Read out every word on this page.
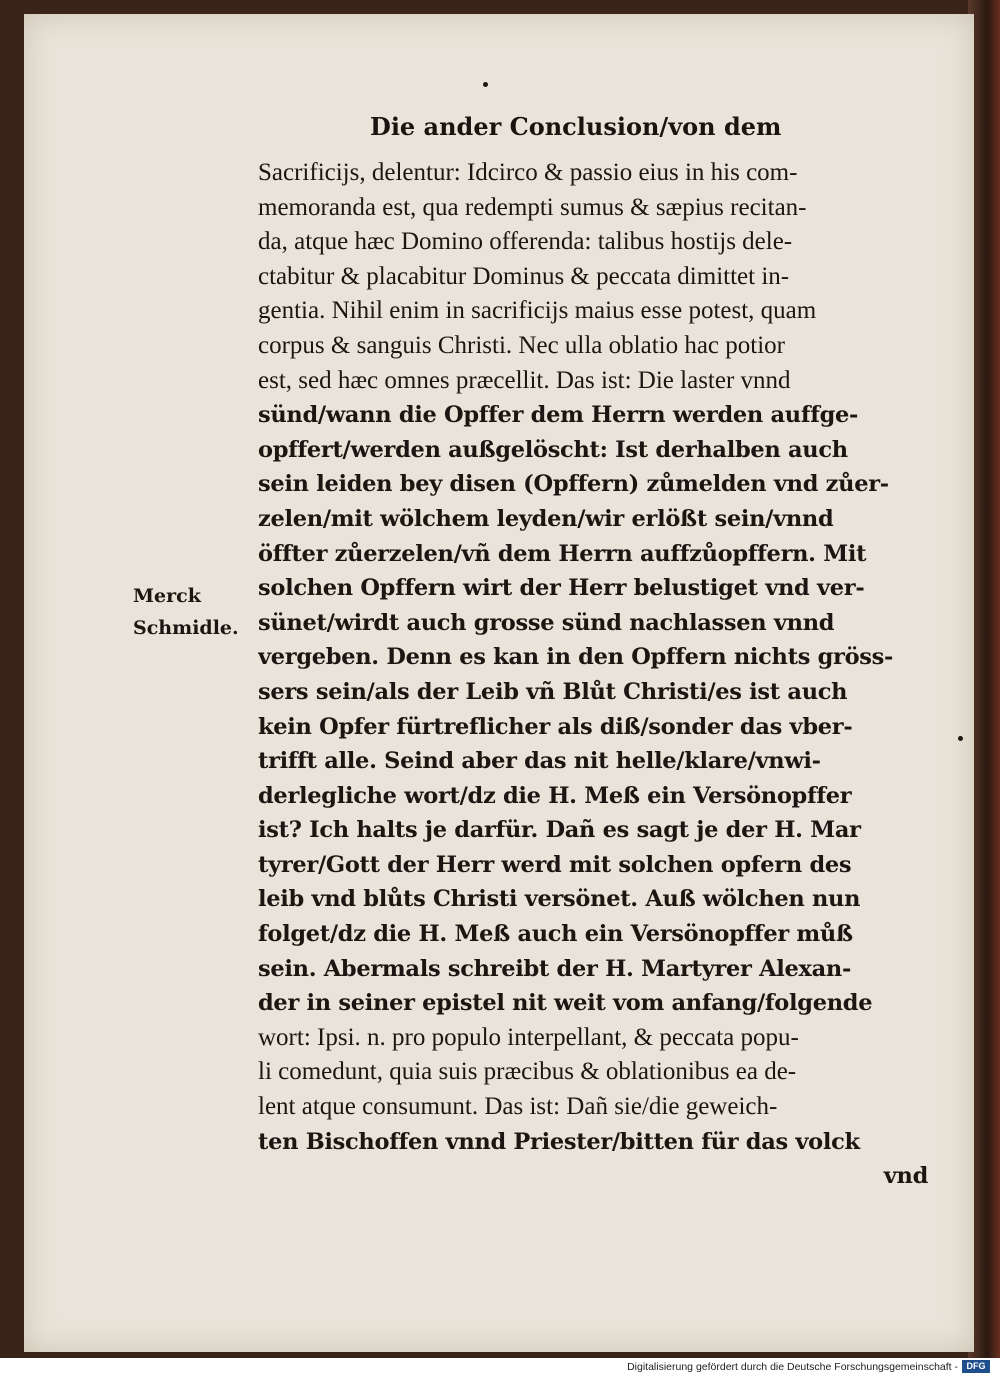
Die ander Conclusion/von dem
Sacrificijs, delentur: Idcirco & passio eius in his com-
memoranda est, qua redempti sumus & sæpius recitan-
da, atque hæc Domino offerenda: talibus hostijs dele-
ctabitur & placabitur Dominus & peccata dimittet in-
gentia. Nihil enim in sacrificijs maius esse potest, quam
corpus & sanguis Christi. Nec ulla oblatio hac potior
est, sed hæc omnes præcellit. Das ist: Die laster vnnd
sünd/wann die Opffer dem Herrn werden auffge-
opffert/werden außgelöscht: Ist derhalben auch
sein leiden bey disen (Opffern) zůmelden vnd zůer-
zelen/mit wölchem leyden/wir erlößt sein/vnnd
öffter zůerzelen/vñ dem Herrn auffzůopffern. Mit
solchen Opffern wirt der Herr belustiget vnd ver-
sünet/wirdt auch grosse sünd nachlassen vnnd
vergeben. Denn es kan in den Opffern nichts gröss-
sers sein/als der Leib vñ Blůt Christi/es ist auch
kein Opfer fürtreflicher als diß/sonder das vber-
trifft alle. Seind aber das nit helle/klare/vnwi-
derlegliche wort/dz die H. Meß ein Versönopffer
ist? Ich halts je darfür. Dañ es sagt je der H. Mar
tyrer/Gott der Herr werd mit solchen opfern des
leib vnd blůts Christi versönet. Auß wölchen nun
folget/dz die H. Meß auch ein Versönopffer můß
sein. Abermals schreibt der H. Martyrer Alexan-
der in seiner epistel nit weit vom anfang/folgende
wort: Ipsi. n. pro populo interpellant, & peccata popu-
li comedunt, quia suis præcibus & oblationibus ea de-
lent atque consumunt. Das ist: Dañ sie/die geweich-
ten Bischoffen vnnd Priester/bitten für das volck
vnd
Merck
Schmidle.
Digitalisierung gefördert durch die Deutsche Forschungsgemeinschaft - DFG
